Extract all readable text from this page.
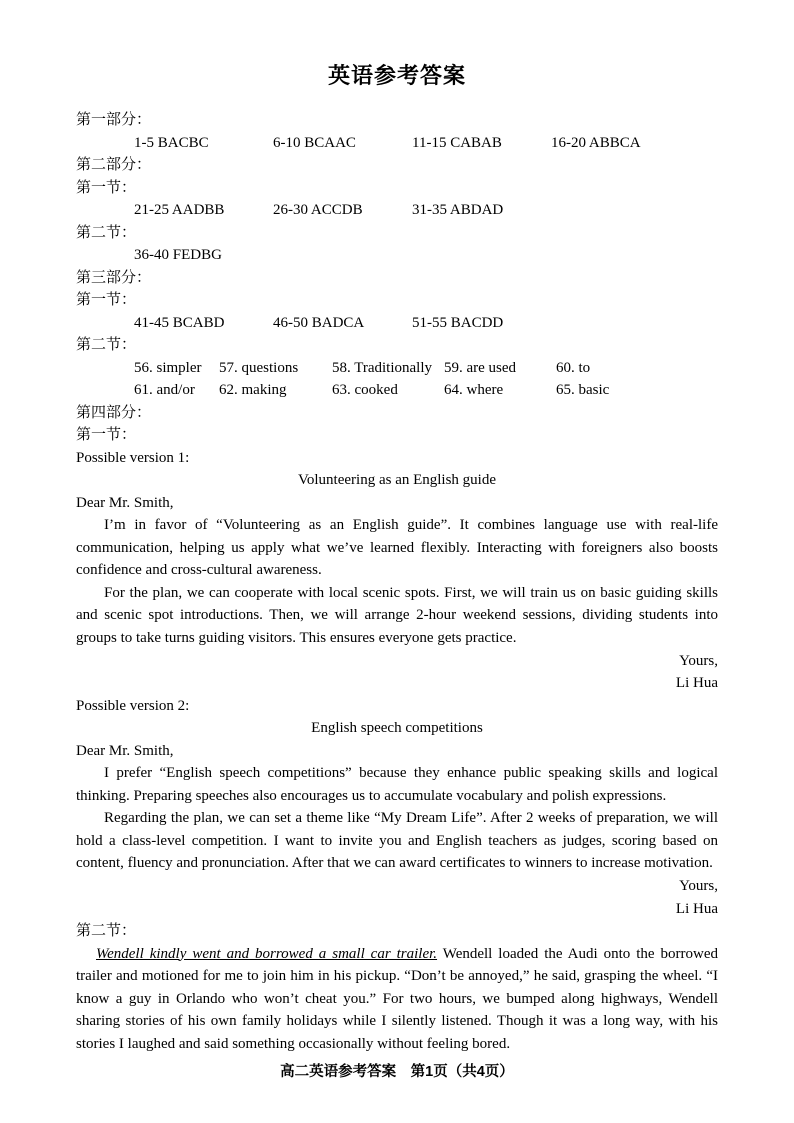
英语参考答案
第一部分：
1-5 BACBC	6-10 BCAAC	11-15 CABAB	16-20 ABBCA
第二部分：
第一节：
21-25 AADBB	26-30 ACCDB	31-35 ABDAD
第二节：
36-40 FEDBG
第三部分：
第一节：
41-45 BCABD	46-50 BADCA	51-55 BACDD
第二节：
56. simpler	57. questions	58. Traditionally 59. are used	60. to
61. and/or	62. making	63. cooked	64. where	65. basic
第四部分：
第一节：
Possible version 1:
Volunteering as an English guide
Dear Mr. Smith,

I’m in favor of “Volunteering as an English guide”. It combines language use with real-life communication, helping us apply what we’ve learned flexibly. Interacting with foreigners also boosts confidence and cross-cultural awareness.

For the plan, we can cooperate with local scenic spots. First, we will train us on basic guiding skills and scenic spot introductions. Then, we will arrange 2-hour weekend sessions, dividing students into groups to take turns guiding visitors. This ensures everyone gets practice.

Yours,
Li Hua
Possible version 2:
English speech competitions
Dear Mr. Smith,

I prefer “English speech competitions” because they enhance public speaking skills and logical thinking. Preparing speeches also encourages us to accumulate vocabulary and polish expressions.

Regarding the plan, we can set a theme like “My Dream Life”. After 2 weeks of preparation, we will hold a class-level competition. I want to invite you and English teachers as judges, scoring based on content, fluency and pronunciation. After that we can award certificates to winners to increase motivation.

Yours,
Li Hua
第二节：

Wendell kindly went and borrowed a small car trailer. Wendell loaded the Audi onto the borrowed trailer and motioned for me to join him in his pickup. “Don’t be annoyed,” he said, grasping the wheel. “I know a guy in Orlando who won’t cheat you.” For two hours, we bumped along highways, Wendell sharing stories of his own family holidays while I silently listened. Though it was a long way, with his stories I laughed and said something occasionally without feeling bored.

高二英语参考答案　第1页（共4页）
